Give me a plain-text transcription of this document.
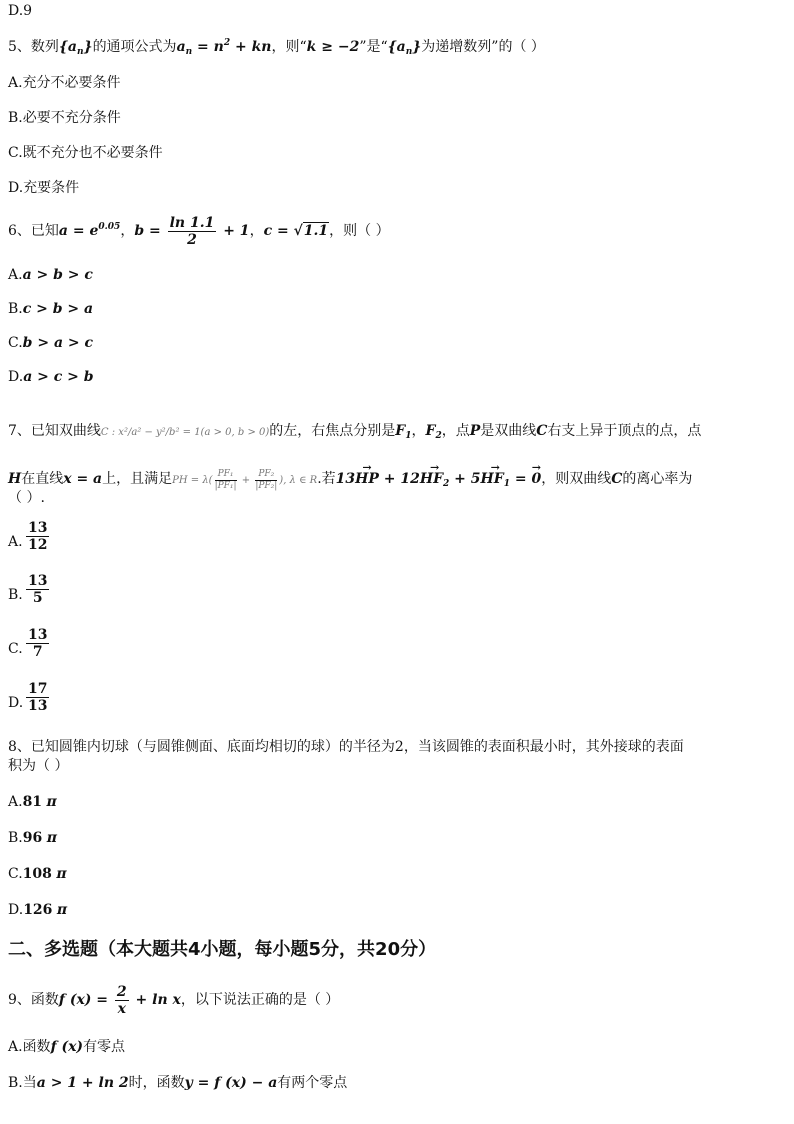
D.9
5、数列$\{a_n\}$的通项公式为$a_n = n^2$ + kn，则“k ≥ −2”是“$\{a_n\}$为递增数列”的（ ）
A.充分不必要条件
B.必要不充分条件
C.既不充分也不必要条件
D.充要条件
6、已知$a = e^{0.05}$，$b = \frac{\ln 1.1}{2} + 1$，c = √1.1，则（ ）
A.a > b > c
B.c > b > a
C.b > a > c
D.a > c > b
7、已知双曲线C : x²/a² − y²/b² = 1(a > 0, b > 0)的左，右焦点分别是$F_1$，$F_2$，点P是双曲线C右支上异于顶点的点，点
H在直线x = a上，且满足PH = $\lambda( \frac{\text{PF₁}}{\text{|PF₁|}} + \frac{\text{PF₂}}{\text{|PF₂|}}$ ), λ ∈ R.若13→ HP + $12\to HF_2 + 5\to HF_1$ = → 0，则双曲线C的离心率为
（ ）.
A. $\frac{13}{12}$
B. $\frac{13}{5}$
C. $\frac{13}{7}$
D. $\frac{17}{13}$
8、已知圆锥内切球（与圆锥侧面、底面均相切的球）的半径为2，当该圆锥的表面积最小时，其外接球的表面
积为（ ）
A.81 π
B.96 π
C.108 π
D.126 π
二、多选题（本大题共4小题，每小题5分，共20分）
9、函数f $(x) = \frac{2}{x} + \ln x$，以下说法正确的是（ ）
A.函数f (x)有零点
B.当a > 1 + ln 2时，函数y = f (x) − a有两个零点
